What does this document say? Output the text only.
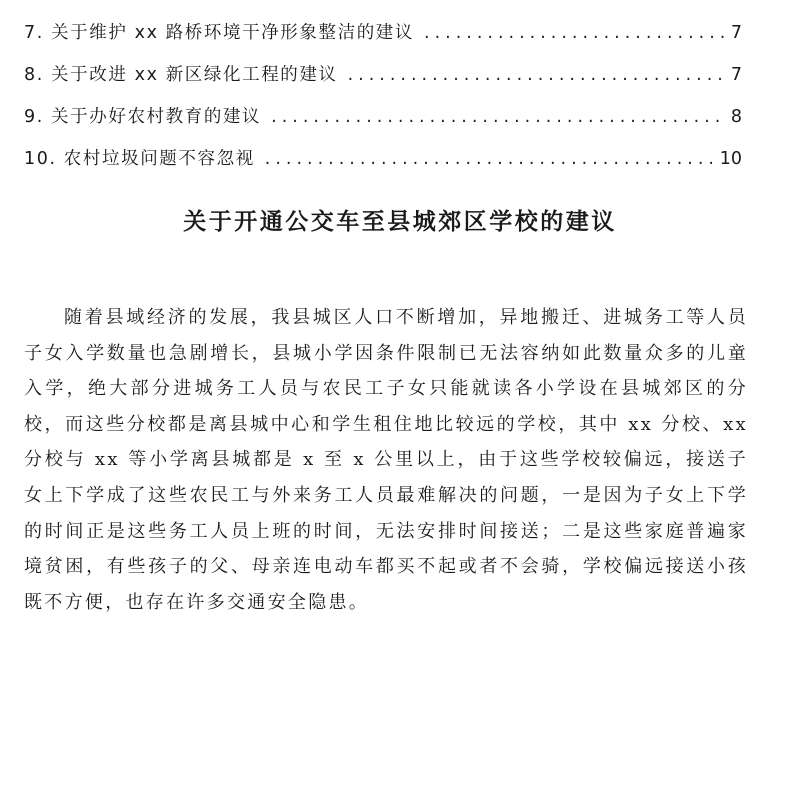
7. 关于维护 xx 路桥环境干净形象整洁的建议 .....	7
8. 关于改进 xx 新区绿化工程的建议 .....	7
9. 关于办好农村教育的建议 .....	8
10. 农村垃圾问题不容忽视 .....	10
关于开通公交车至县城郊区学校的建议

随着县域经济的发展，我县城区人口不断增加，异地搬迁、进城务工等人员子女入学数量也急剧增长，县城小学因条件限制已无法容纳如此数量众多的儿童入学，绝大部分进城务工人员与农民工子女只能就读各小学设在县城郊区的分校，而这些分校都是离县城中心和学生租住地比较远的学校，其中 xx 分校、xx 分校与 xx 等小学离县城都是 x 至 x 公里以上，由于这些学校较偏远，接送子女上下学成了这些农民工与外来务工人员最难解决的问题，一是因为子女上下学的时间正是这些务工人员上班的时间，无法安排时间接送；二是这些家庭普遍家境贫困，有些孩子的父、母亲连电动车都买不起或者不会骑，学校偏远接送小孩既不方便，也存在许多交通安全隐患。
